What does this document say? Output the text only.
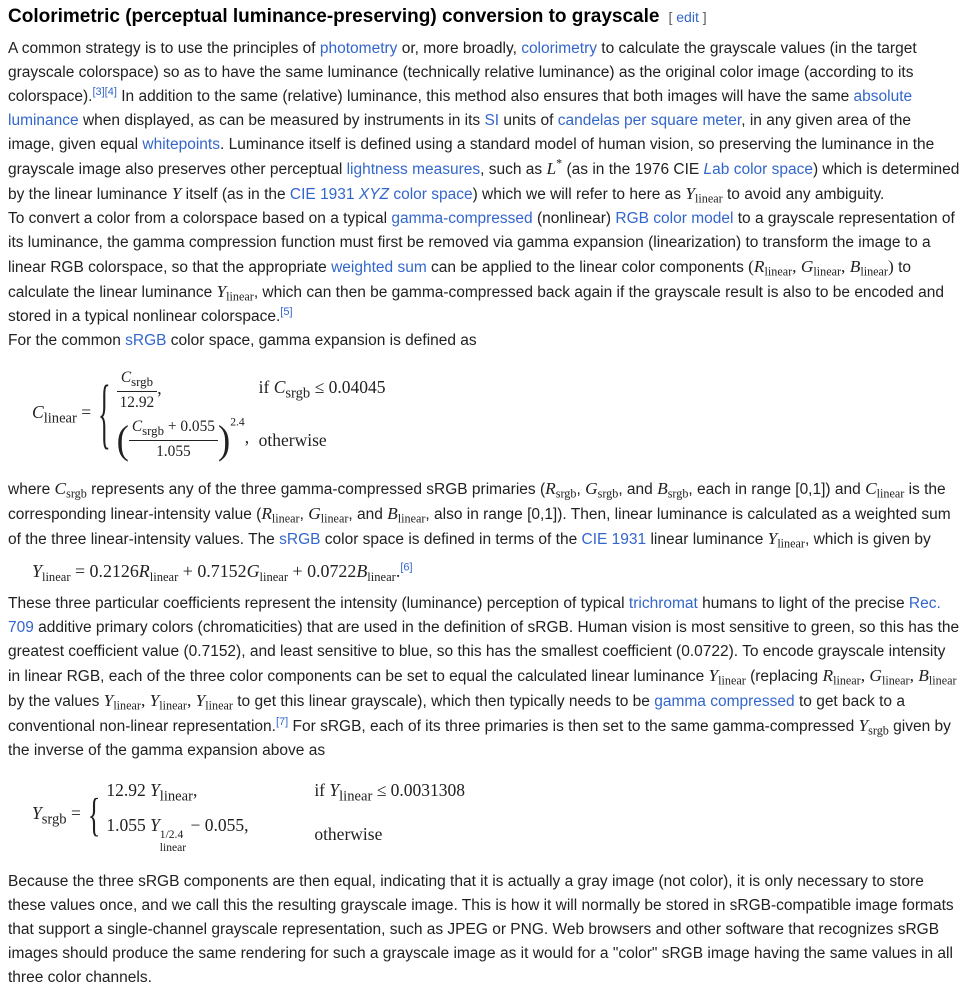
Colorimetric (perceptual luminance-preserving) conversion to grayscale [ edit ]

A common strategy is to use the principles of photometry or, more broadly, colorimetry to calculate the grayscale values (in the target grayscale colorspace) so as to have the same luminance (technically relative luminance) as the original color image (according to its colorspace).[3][4] In addition to the same (relative) luminance, this method also ensures that both images will have the same absolute luminance when displayed, as can be measured by instruments in its SI units of candelas per square meter, in any given area of the image, given equal whitepoints. Luminance itself is defined using a standard model of human vision, so preserving the luminance in the grayscale image also preserves other perceptual lightness measures, such as L* (as in the 1976 CIE Lab color space) which is determined by the linear luminance Y itself (as in the CIE 1931 XYZ color space) which we will refer to here as $Y_{linear}$ to avoid any ambiguity.

To convert a color from a colorspace based on a typical gamma-compressed (nonlinear) RGB color model to a grayscale representation of its luminance, the gamma compression function must first be removed via gamma expansion (linearization) to transform the image to a linear RGB colorspace, so that the appropriate weighted sum can be applied to the linear color components ($R_{linear}$, $G_{linear}$, $B_{linear}$) to calculate the linear luminance $Y_{linear}$, which can then be gamma-compressed back again if the grayscale result is also to be encoded and stored in a typical nonlinear colorspace.[5]

For the common sRGB color space, gamma expansion is defined as

$C_{linear}$ = { $\frac{C_{srgb}}{12.92}$ ,	if $C_{srgb} \le 0.04045$
( $\frac{C_{srgb} + 0.055}{1.055} )^{2.4}$, otherwise

where $C_{srgb}$ represents any of the three gamma-compressed sRGB primaries ($R_{srgb}$, $G_{srgb}$, and $B_{srgb}$, each in range [0,1]) and $C_{linear}$ is the corresponding linear-intensity value ($R_{linear}$, $G_{linear}$, and $B_{linear}$, also in range [0,1]). Then, linear luminance is calculated as a weighted sum of the three linear-intensity values. The sRGB color space is defined in terms of the CIE 1931 linear luminance $Y_{linear}$, which is given by

$Y_{linear} = 0.2126R_{linear} + 0.7152G_{linear} + 0.0722B_{linear}.[6]$

These three particular coefficients represent the intensity (luminance) perception of typical trichromat humans to light of the precise Rec. 709 additive primary colors (chromaticities) that are used in the definition of sRGB. Human vision is most sensitive to green, so this has the greatest coefficient value (0.7152), and least sensitive to blue, so this has the smallest coefficient (0.0722). To encode grayscale intensity in linear RGB, each of the three color components can be set to equal the calculated linear luminance $Y_{linear}$ (replacing $R_{linear}$, $G_{linear}$, $B_{linear}$ by the values $Y_{linear}$, $Y_{linear}$, $Y_{linear}$ to get this linear grayscale), which then typically needs to be gamma compressed to get back to a conventional non-linear representation.[7] For sRGB, each of its three primaries is then set to the same gamma-compressed $Y_{srgb}$ given by the inverse of the gamma expansion above as

$Y_{srgb}$ = { 12.92 $Y_{linear}$,	if $Y_{linear} \le 0.0031308$
1.055 Y 1/2.4
linear
− 0.055,	otherwise

Because the three sRGB components are then equal, indicating that it is actually a gray image (not color), it is only necessary to store these values once, and we call this the resulting grayscale image. This is how it will normally be stored in sRGB-compatible image formats that support a single-channel grayscale representation, such as JPEG or PNG. Web browsers and other software that recognizes sRGB images should produce the same rendering for such a grayscale image as it would for a "color" sRGB image having the same values in all three color channels.
